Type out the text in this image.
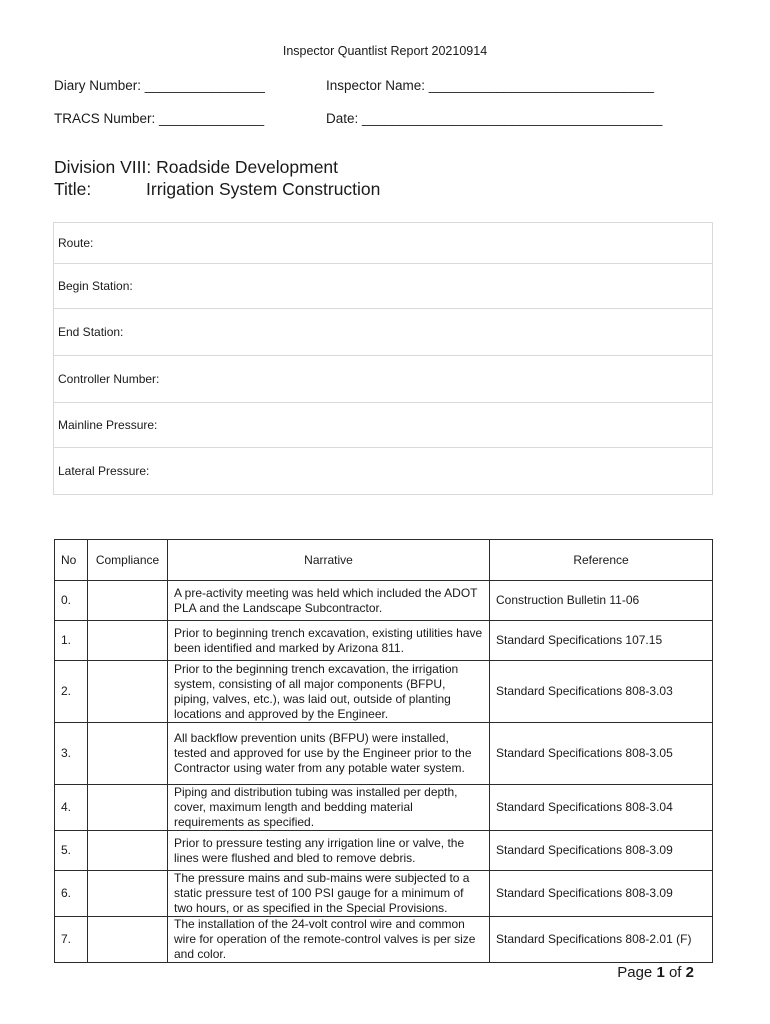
Inspector Quantlist Report 20210914
Diary Number: ________________	Inspector Name: ______________________________
TRACS Number: ______________	Date: ________________________________________
Division VIII: Roadside Development
Title:	Irrigation System Construction
Route:
Begin Station:
End Station:
Controller Number:
Mainline Pressure:
Lateral Pressure:
No	Compliance	Narrative	Reference
0.		A pre-activity meeting was held which included the ADOT PLA and the Landscape Subcontractor.	Construction Bulletin 11-06
1.		Prior to beginning trench excavation, existing utilities have been identified and marked by Arizona 811.	Standard Specifications 107.15
2.		Prior to the beginning trench excavation, the irrigation system, consisting of all major components (BFPU, piping, valves, etc.), was laid out, outside of planting locations and approved by the Engineer.	Standard Specifications 808-3.03
3.		All backflow prevention units (BFPU) were installed, tested and approved for use by the Engineer prior to the Contractor using water from any potable water system.	Standard Specifications 808-3.05
4.		Piping and distribution tubing was installed per depth, cover, maximum length and bedding material requirements as specified.	Standard Specifications 808-3.04
5.		Prior to pressure testing any irrigation line or valve, the lines were flushed and bled to remove debris.	Standard Specifications 808-3.09
6.		The pressure mains and sub-mains were subjected to a static pressure test of 100 PSI gauge for a minimum of two hours, or as specified in the Special Provisions.	Standard Specifications 808-3.09
7.		The installation of the 24-volt control wire and common wire for operation of the remote-control valves is per size and color.	Standard Specifications 808-2.01 (F)
Page 1 of 2
